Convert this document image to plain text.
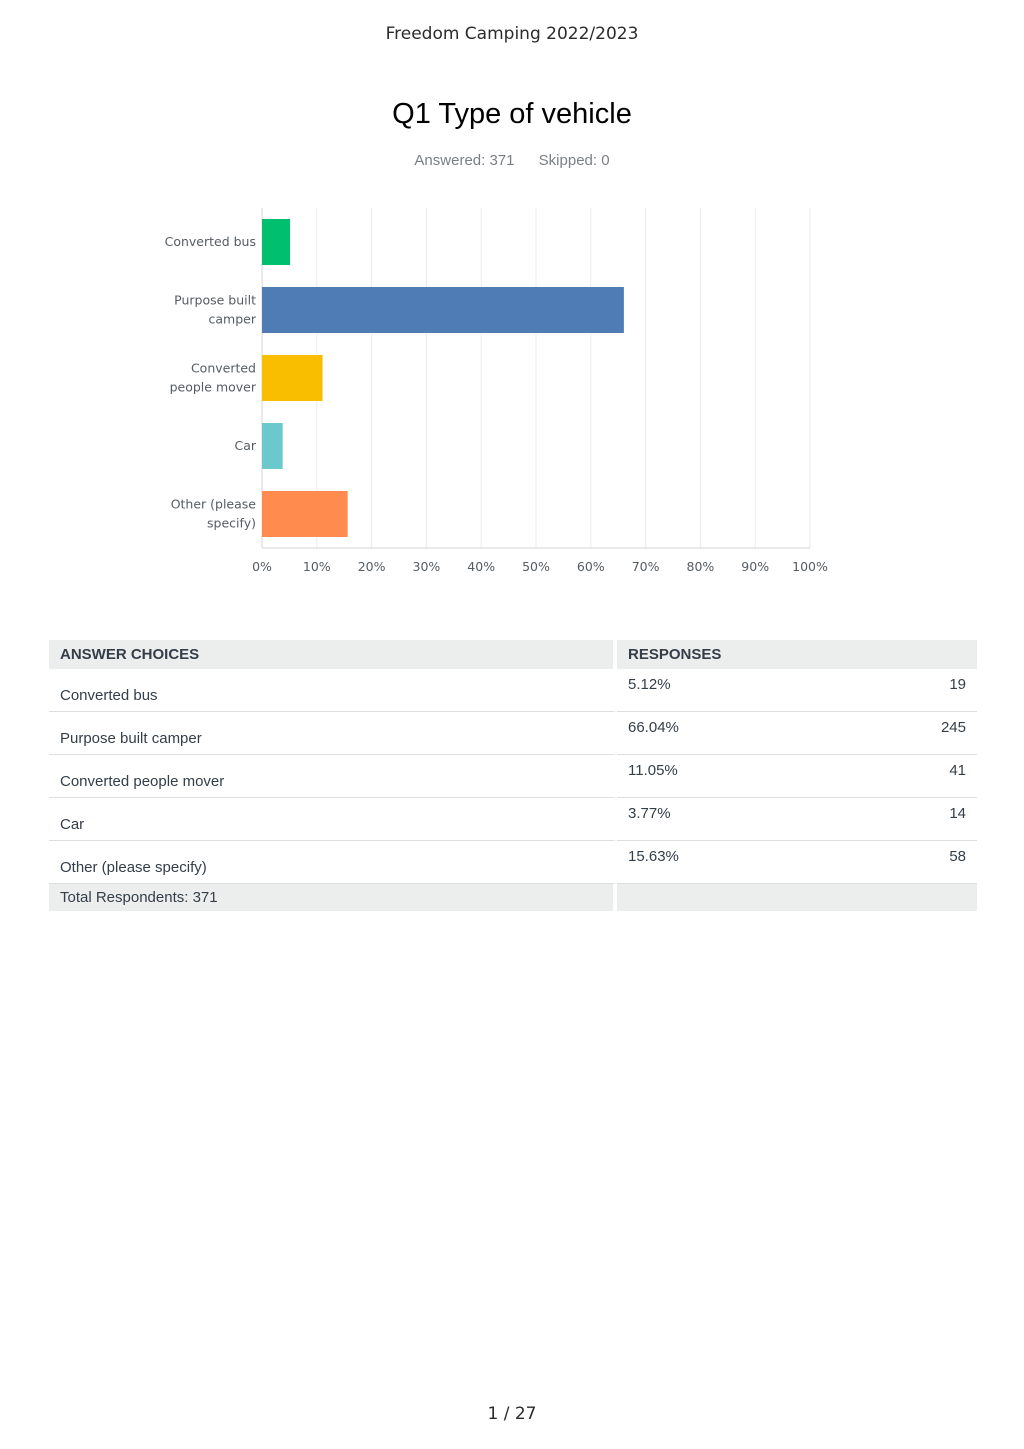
Freedom Camping 2022/2023
Q1 Type of vehicle
Answered: 371 Skipped: 0
Converted bus
Purpose built
camper
Converted
people mover
Car
Other (please
specify)
0% 10% 20% 30% 40% 50% 60% 70% 80% 90% 100%
ANSWER CHOICES	RESPONSES	
Converted bus	5.12%	19
Purpose built camper	66.04%	245
Converted people mover	11.05%	41
Car	3.77%	14
Other (please specify)	15.63%	58
Total Respondents: 371		
1 / 27
